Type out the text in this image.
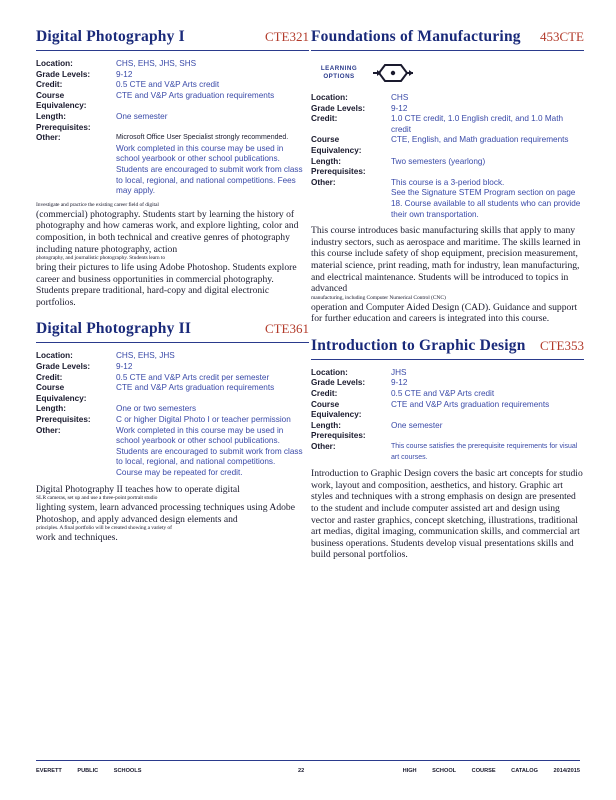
Digital Photography I	CTE321
Location:	CHS, EHS, JHS, SHS
Grade Levels:	9-12
Credit:	0.5 CTE and V&P Arts credit
Course Equivalency:
CTE and V&P Arts graduation requirements
Length:	One semester
Prerequisites:
Other:	Microsoft Office User Specialist strongly recommended.
Work completed in this course may be used in school yearbook or other school publications.
Students are encouraged to submit work from class to local, regional, and national competitions. Fees may apply.
Investigate and practice the existing career field of digital
(commercial) photography. Students start by learning the history of photography and how cameras work, and explore lighting, color and composition, in both technical and creative genres of photography including nature photography, action
photography, and journalistic photography. Students learn to
bring their pictures to life using Adobe Photoshop. Students explore career and business opportunities in commercial photography. Students prepare traditional, hard-copy and digital electronic portfolios.
Digital Photography II	CTE361
Location:	CHS, EHS, JHS
Grade Levels:	9-12
Credit:	0.5 CTE and V&P Arts credit per semester
Course Equivalency:
CTE and V&P Arts graduation requirements
Length:	One or two semesters
Prerequisites:	C or higher Digital Photo I or teacher permission
Other:	Work completed in this course may be used in school yearbook or other school publications.
Students are encouraged to submit work from class to local, regional, and national competitions.
Course may be repeated for credit.
Digital Photography II teaches how to operate digital
SLR cameras, set up and use a three-point portrait studio
lighting system, learn advanced processing techniques using Adobe Photoshop, and apply advanced design elements and
principles. A final portfolio will be created showing a variety of
work and techniques.
Foundations of Manufacturing 453CTE
LEARNING
OPTIONS
Location:	CHS
Grade Levels:	9-12
Credit:	1.0 CTE credit, 1.0 English credit, and 1.0 Math credit
Course Equivalency:
CTE, English, and Math graduation requirements
Length:	Two semesters (yearlong)
Prerequisites:
Other:	This course is a 3-period block.
See the Signature STEM Program section on page 18. Course available to all students who can provide their own transportation.
This course introduces basic manufacturing skills that apply to many industry sectors, such as aerospace and maritime. The skills learned in this course include safety of shop equipment, precision measurement, material science, print reading, math for industry, lean manufacturing, and electrical maintenance. Students will be introduced to topics in advanced
manufacturing, including Computer Numerical Control (CNC)
operation and Computer Aided Design (CAD). Guidance and support for further education and careers is integrated into this course.
Introduction to Graphic Design CTE353
Location:	JHS
Grade Levels:	9-12
Credit:	0.5 CTE and V&P Arts credit
Course Equivalency:
CTE and V&P Arts graduation requirements
Length:	One semester
Prerequisites:
Other:	This course satisfies the prerequisite requirements for visual art courses.
Introduction to Graphic Design covers the basic art concepts for studio work, layout and composition, aesthetics, and history. Graphic art styles and techniques with a strong emphasis on design are presented to the student and include computer assisted art and design using vector and raster graphics, concept sketching, illustrations, traditional art medias, digital imaging, communication skills, and commercial art business operations. Students develop visual presentations skills and build personal portfolios.
EVERETT	PUBLIC	SCHOOLS	22	HIGH	SCHOOL	COURSE	CATALOG	2014/2015
